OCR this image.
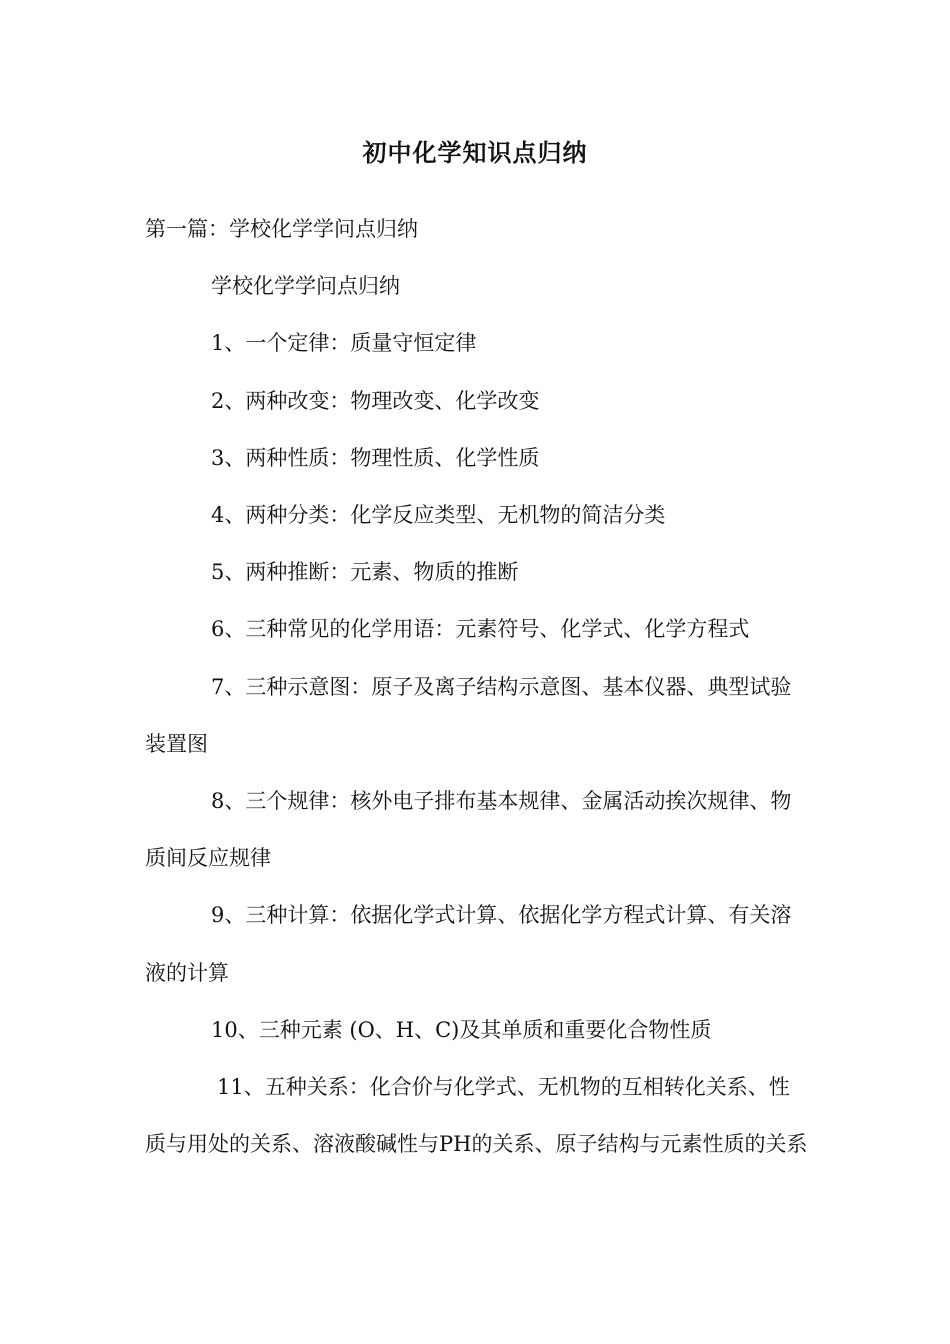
初中化学知识点归纳

第一篇：学校化学学问点归纳

学校化学学问点归纳

1、一个定律：质量守恒定律

2、两种改变：物理改变、化学改变

3、两种性质：物理性质、化学性质

4、两种分类：化学反应类型、无机物的简洁分类

5、两种推断：元素、物质的推断

6、三种常见的化学用语：元素符号、化学式、化学方程式

7、三种示意图：原子及离子结构示意图、基本仪器、典型试验装置图

8、三个规律：核外电子排布基本规律、金属活动挨次规律、物质间反应规律

9、三种计算：依据化学式计算、依据化学方程式计算、有关溶液的计算

10、三种元素 (O、H、C)及其单质和重要化合物性质

11、五种关系：化合价与化学式、无机物的互相转化关系、性质与用处的关系、溶液酸碱性与PH的关系、原子结构与元素性质的关系
